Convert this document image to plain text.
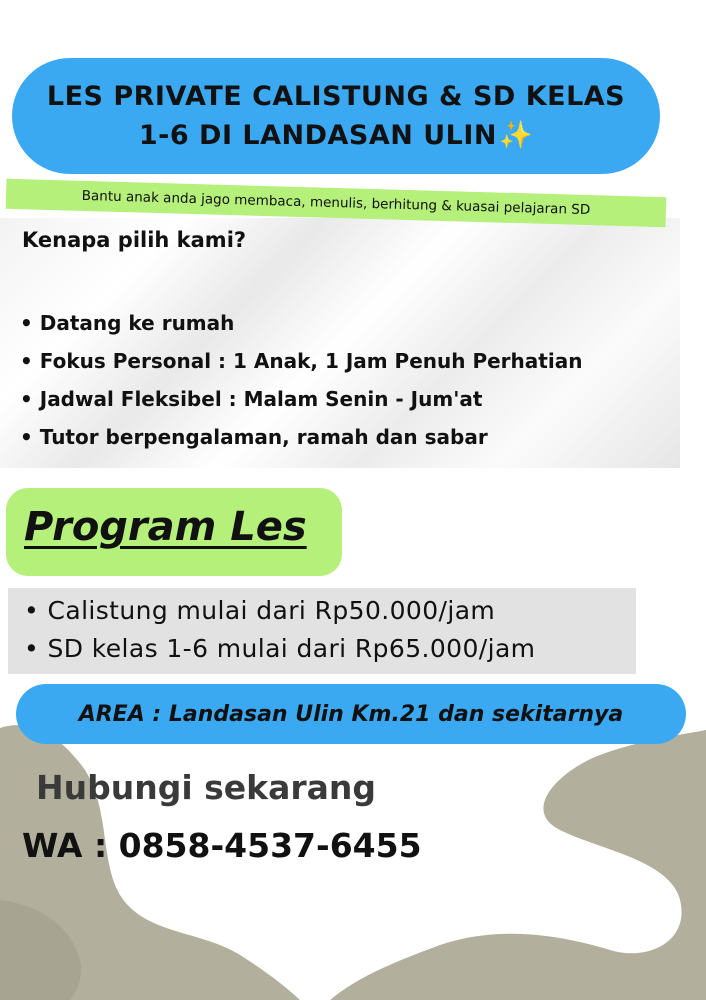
LES PRIVATE CALISTUNG & SD KELAS 1-6 DI LANDASAN ULIN✨
Bantu anak anda jago membaca, menulis, berhitung & kuasai pelajaran SD
Kenapa pilih kami?
• Datang ke rumah
• Fokus Personal : 1 Anak, 1 Jam Penuh Perhatian
• Jadwal Fleksibel : Malam Senin - Jum'at
• Tutor berpengalaman, ramah dan sabar
Program Les
• Calistung mulai dari Rp50.000/jam
• SD kelas 1-6 mulai dari Rp65.000/jam
AREA : Landasan Ulin Km.21 dan sekitarnya
Hubungi sekarang
WA : 0858-4537-6455
